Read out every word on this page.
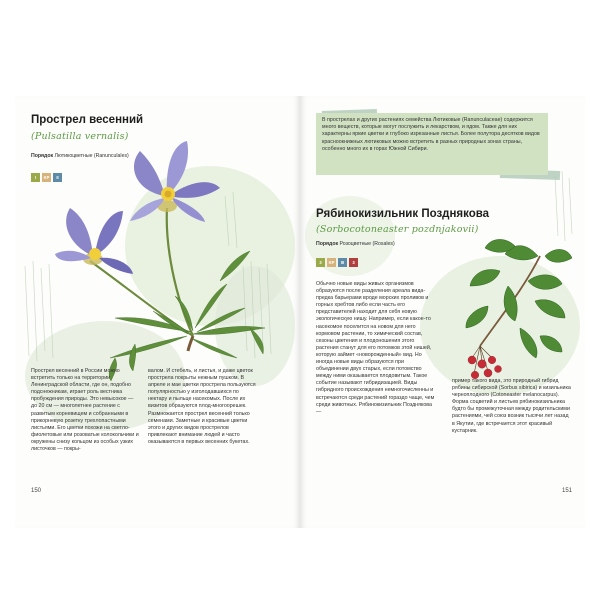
Прострел весенний
(Pulsatilla vernalis)
Порядок Лютикоцветные (Ranunculales)
I	KP	II

Прострел весенний в России можно встретить только на территории Ленинградской области, где он, подобно подснежникам, играет роль вестника пробуждения природы. Это невысокое — до 20 см — многолетнее растение с развитым корневищем и собранными в прикорневую розетку трехлопастными листьями. Его цветки похожи на светло-фиолетовые или розоватые колокольчики и окружены снизу кольцом из особых узких листочков — покры-

валом. И стебель, и листья, и даже цветок прострела покрыты нежным пушком. В апреле и мае цветки прострела пользуются популярностью у изголодавшихся по нектару и пыльце насекомых. После их визитов образуются плод-многоорешек. Размножается прострел весенний только семенами. Заметные и красивые цветки этого и других видов прострелов привлекают внимание людей и часто оказываются в первых весенних букетах.

150
В прострелах и других растениях семейства Лютиковые (Ranunculaceae) содержится много веществ, которые могут послужить и лекарством, и ядом. Также для них характерны яркие цветки и глубоко изрезанные листья. Более полутора десятков видов красноокнижных лютиковых можно встретить в разных природных зонах страны, особенно много их в горах Южной Сибири.
Рябинокизильник Позднякова
(Sorbocotoneaster pozdnjakovii)
Порядок Розоцветные (Rosales)
3	KP	III	3

Обычно новые виды живых организмов образуются после разделения ареала вида-предка барьерами вроде морских проливов и горных хребтов либо если часть его представителей находит для себя новую экологическую нишу. Например, если какое-то насекомое поселится на новом для него кормовом растении, то химический состав, сезоны цветения и плодоношения этого растения станут для его потомков этой нишей, которую займет «новорожденный» вид. Но иногда новые виды образуются при объединении двух старых, если потомство между ними оказывается плодовитым. Такое событие называют гибридизацией. Виды гибридного происхождения немногочисленны и встречаются среди растений гораздо чаще, чем среди животных. Рябинокизильник Позднякова —

пример такого вида, это природный гибрид рябины сибирской (Sorbus sibirica) и кизильника черноплодного (Cotoneaster melanocarpus). Форма соцветий и листьев рябинокизильника будто бы промежуточная между родительскими растениями, чей союз возник тысячи лет назад в Якутии, где встречается этот красивый кустарник.

151
